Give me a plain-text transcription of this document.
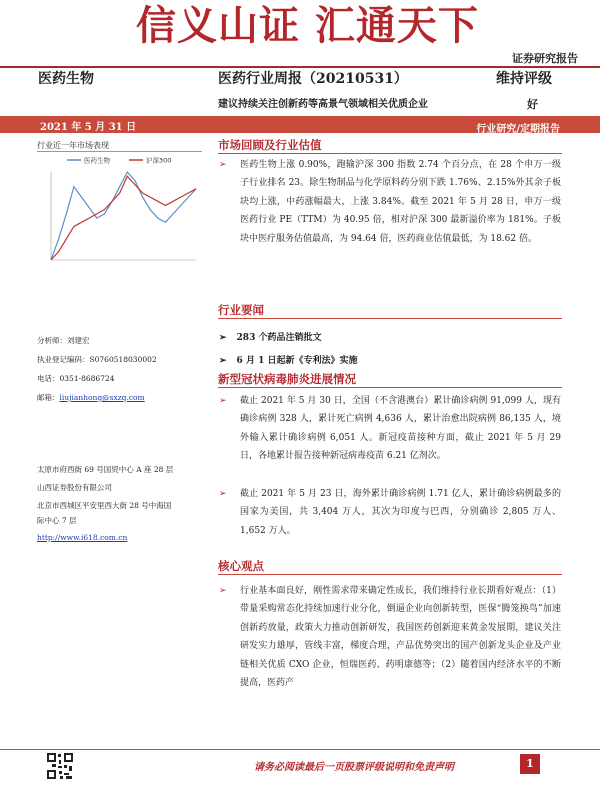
信义山证 汇通天下
证券研究报告
医药生物	医药行业周报（20210531）
建议持续关注创新药等高景气领域相关优质企业
维持评级
好
2021 年 5 月 31 日	行业研究/定期报告
行业近一年市场表现
医药生物	沪深300
分析师：刘建宏
执业登记编码：S0760518030002
电话：0351-8686724
邮箱：liujianhong@sxzq.com
太原市府西街 69 号国贸中心 A 座 28 层
山西证券股份有限公司
北京市西城区平安里西大街 28 号中海国
际中心 7 层
http://www.i618.com.cn
市场回顾及行业估值
➢	医药生物上涨 0.90%，跑输沪深 300 指数 2.74 个百分点，在 28 个申万一级子行业排名 23。除生物制品与化学原料药分别下跌 1.76%、2.15%外其余子板块均上涨，中药涨幅最大，上涨 3.84%。截至 2021 年 5 月 28 日，申万一级医药行业 PE（TTM）为 40.95 倍，相对沪深 300 最新溢价率为 181%。子板块中医疗服务估值最高，为 94.64 倍，医药商业估值最低，为 18.62 倍。
行业要闻
➢ 283 个药品注销批文
➢ 6 月 1 日起新《专利法》实施
新型冠状病毒肺炎进展情况
➢	截止 2021 年 5 月 30 日，全国（不含港澳台）累计确诊病例 91,099 人，现有确诊病例 328 人，累计死亡病例 4,636 人，累计治愈出院病例 86,135 人，境外输入累计确诊病例 6,051 人。新冠疫苗接种方面，截止 2021 年 5 月 29 日，各地累计报告接种新冠病毒疫苗 6.21 亿剂次。
➢	截止 2021 年 5 月 23 日，海外累计确诊病例 1.71 亿人，累计确诊病例最多的国家为美国，共 3,404 万人，其次为印度与巴西，分别确诊 2,805 万人、1,652 万人。
核心观点
➢	行业基本面良好，刚性需求带来确定性成长，我们维持行业长期看好观点：（1）带量采购常态化持续加速行业分化，倒逼企业向创新转型，医保“腾笼换鸟”加速创新药放量，政策大力推动创新研发，我国医药创新迎来黄金发展期，建议关注研发实力雄厚，管线丰富，梯度合理，产品优势突出的国产创新龙头企业及产业链相关优质 CXO 企业，恒瑞医药、药明康德等；（2）随着国内经济水平的不断提高，医药产
请务必阅读最后一页股票评级说明和免责声明	1
